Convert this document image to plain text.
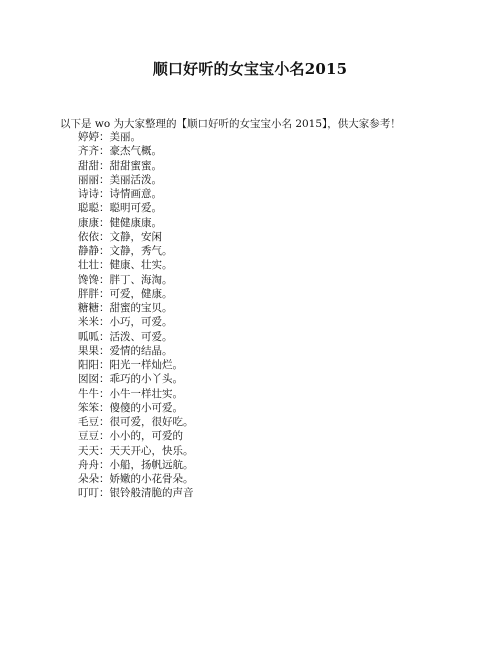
顺口好听的女宝宝小名2015
以下是 wo 为大家整理的【顺口好听的女宝宝小名 2015】，供大家参考！
婷婷：美丽。
齐齐：豪杰气概。
甜甜：甜甜蜜蜜。
丽丽：美丽活泼。
诗诗：诗情画意。
聪聪：聪明可爱。
康康：健健康康。
依依：文静，安闲
静静：文静，秀气。
壮壮：健康、壮实。
馋馋：胖丁、海淘。
胖胖：可爱，健康。
糖糖：甜蜜的宝贝。
米米：小巧，可爱。
呱呱：活泼、可爱。
果果：爱情的结晶。
阳阳：阳光一样灿烂。
囡囡：乖巧的小丫头。
牛牛：小牛一样壮实。
笨笨：傻傻的小可爱。
毛豆：很可爱，很好吃。
豆豆：小小的，可爱的
天天：天天开心，快乐。
舟舟：小船，扬帆远航。
朵朵：娇嫩的小花骨朵。
叮叮：银铃般清脆的声音
